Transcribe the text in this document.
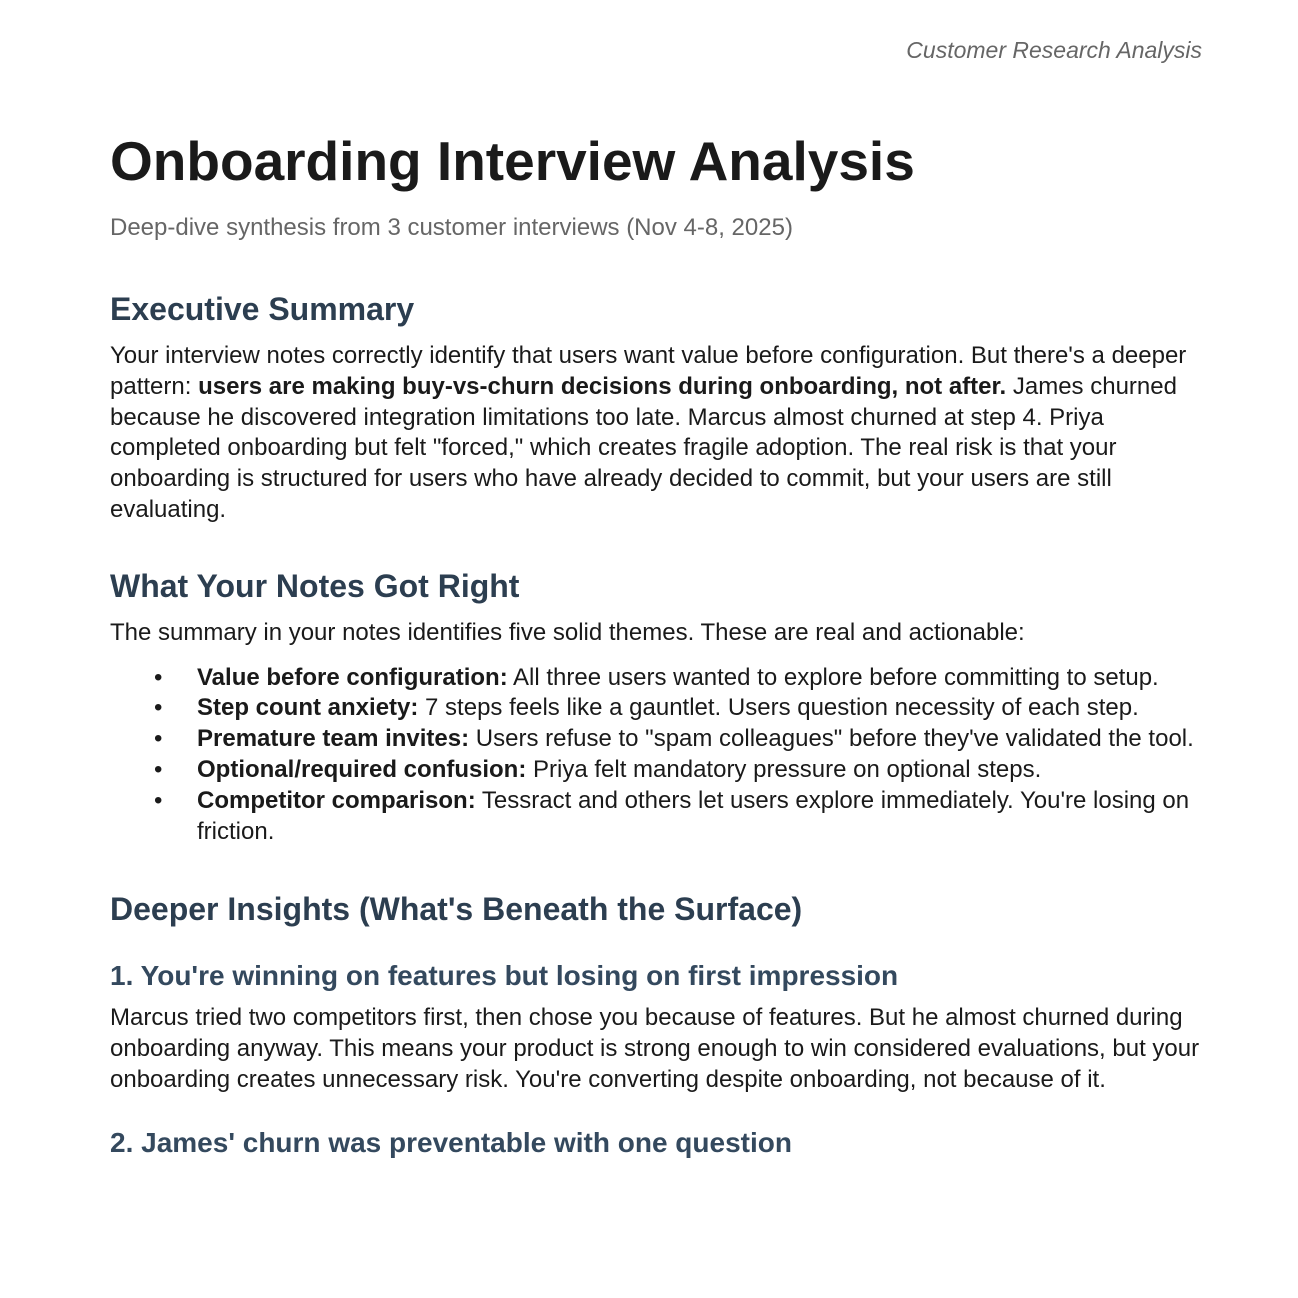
Customer Research Analysis
Onboarding Interview Analysis
Deep-dive synthesis from 3 customer interviews (Nov 4-8, 2025)
Executive Summary

Your interview notes correctly identify that users want value before configuration. But there's a deeper pattern: users are making buy-vs-churn decisions during onboarding, not after. James churned because he discovered integration limitations too late. Marcus almost churned at step 4. Priya completed onboarding but felt "forced," which creates fragile adoption. The real risk is that your onboarding is structured for users who have already decided to commit, but your users are still evaluating.

What Your Notes Got Right

The summary in your notes identifies five solid themes. These are real and actionable:

• Value before configuration: All three users wanted to explore before committing to setup.
• Step count anxiety: 7 steps feels like a gauntlet. Users question necessity of each step.
• Premature team invites: Users refuse to "spam colleagues" before they've validated the tool.
• Optional/required confusion: Priya felt mandatory pressure on optional steps.
• Competitor comparison: Tessract and others let users explore immediately. You're losing on friction.
Deeper Insights (What's Beneath the Surface)
1. You're winning on features but losing on first impression

Marcus tried two competitors first, then chose you because of features. But he almost churned during onboarding anyway. This means your product is strong enough to win considered evaluations, but your onboarding creates unnecessary risk. You're converting despite onboarding, not because of it.

2. James' churn was preventable with one question
